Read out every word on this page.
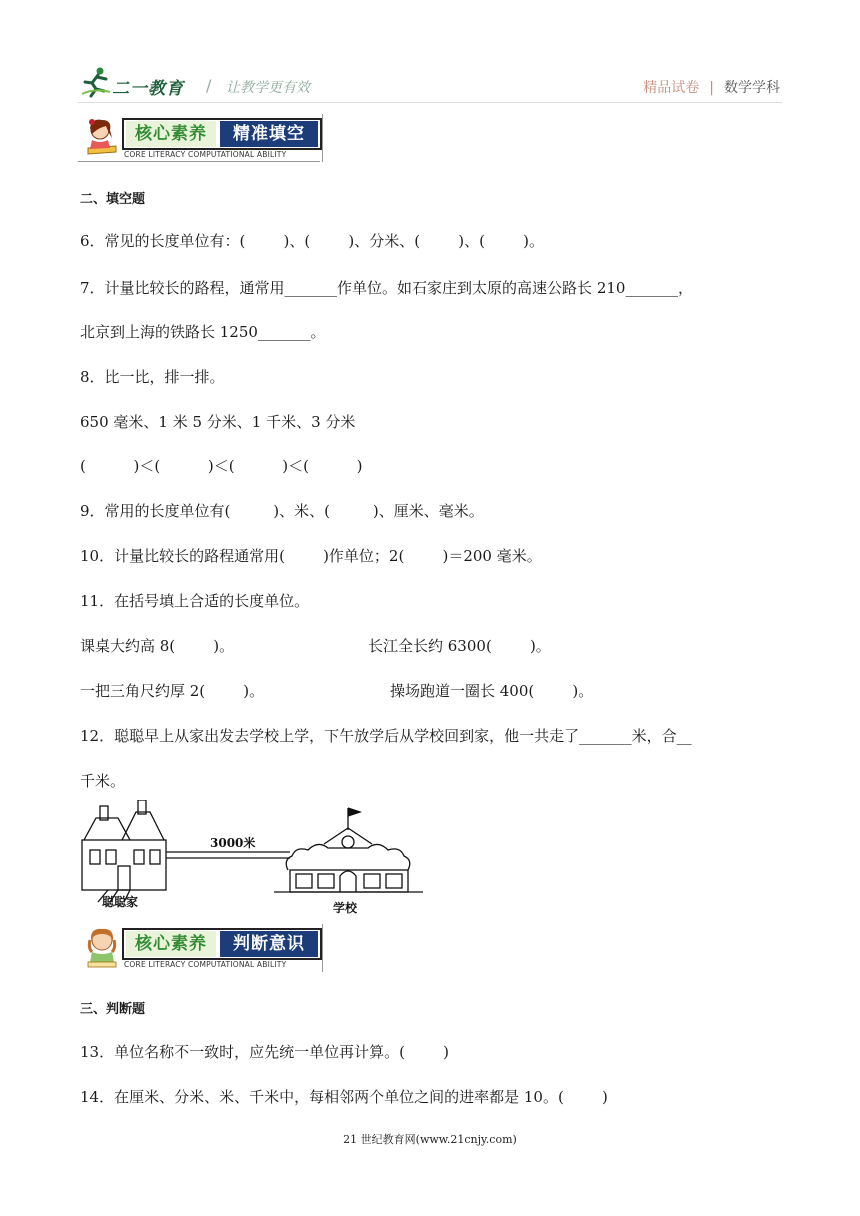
二一教育 / 让教学更有效	精品试卷 | 数学学科
核心素养	精准填空
CORE LITERACY COMPUTATIONAL ABILITY
二、填空题
6．常见的长度单位有：(        )、(        )、分米、(        )、(        )。
7．计量比较长的路程，通常用_______作单位。如石家庄到太原的高速公路长 210_______，
北京到上海的铁路长 1250_______。
8．比一比，排一排。
650 毫米、1 米 5 分米、1 千米、3 分米
(          )＜(          )＜(          )＜(          )
9．常用的长度单位有(         )、米、(         )、厘米、毫米。
10．计量比较长的路程通常用(        )作单位；2(        )＝200 毫米。
11．在括号填上合适的长度单位。
课桌大约高 8(        )。	长江全长约 6300(        )。
一把三角尺约厚 2(        )。	操场跑道一圈长 400(        )。
12．聪聪早上从家出发去学校上学，下午放学后从学校回到家，他一共走了_______米，合__
千米。
3000米
聪聪家	学校
核心素养	判断意识
CORE LITERACY COMPUTATIONAL ABILITY
三、判断题
13．单位名称不一致时，应先统一单位再计算。(        )
14．在厘米、分米、米、千米中，每相邻两个单位之间的进率都是 10。(        )
21 世纪教育网(www.21cnjy.com)
